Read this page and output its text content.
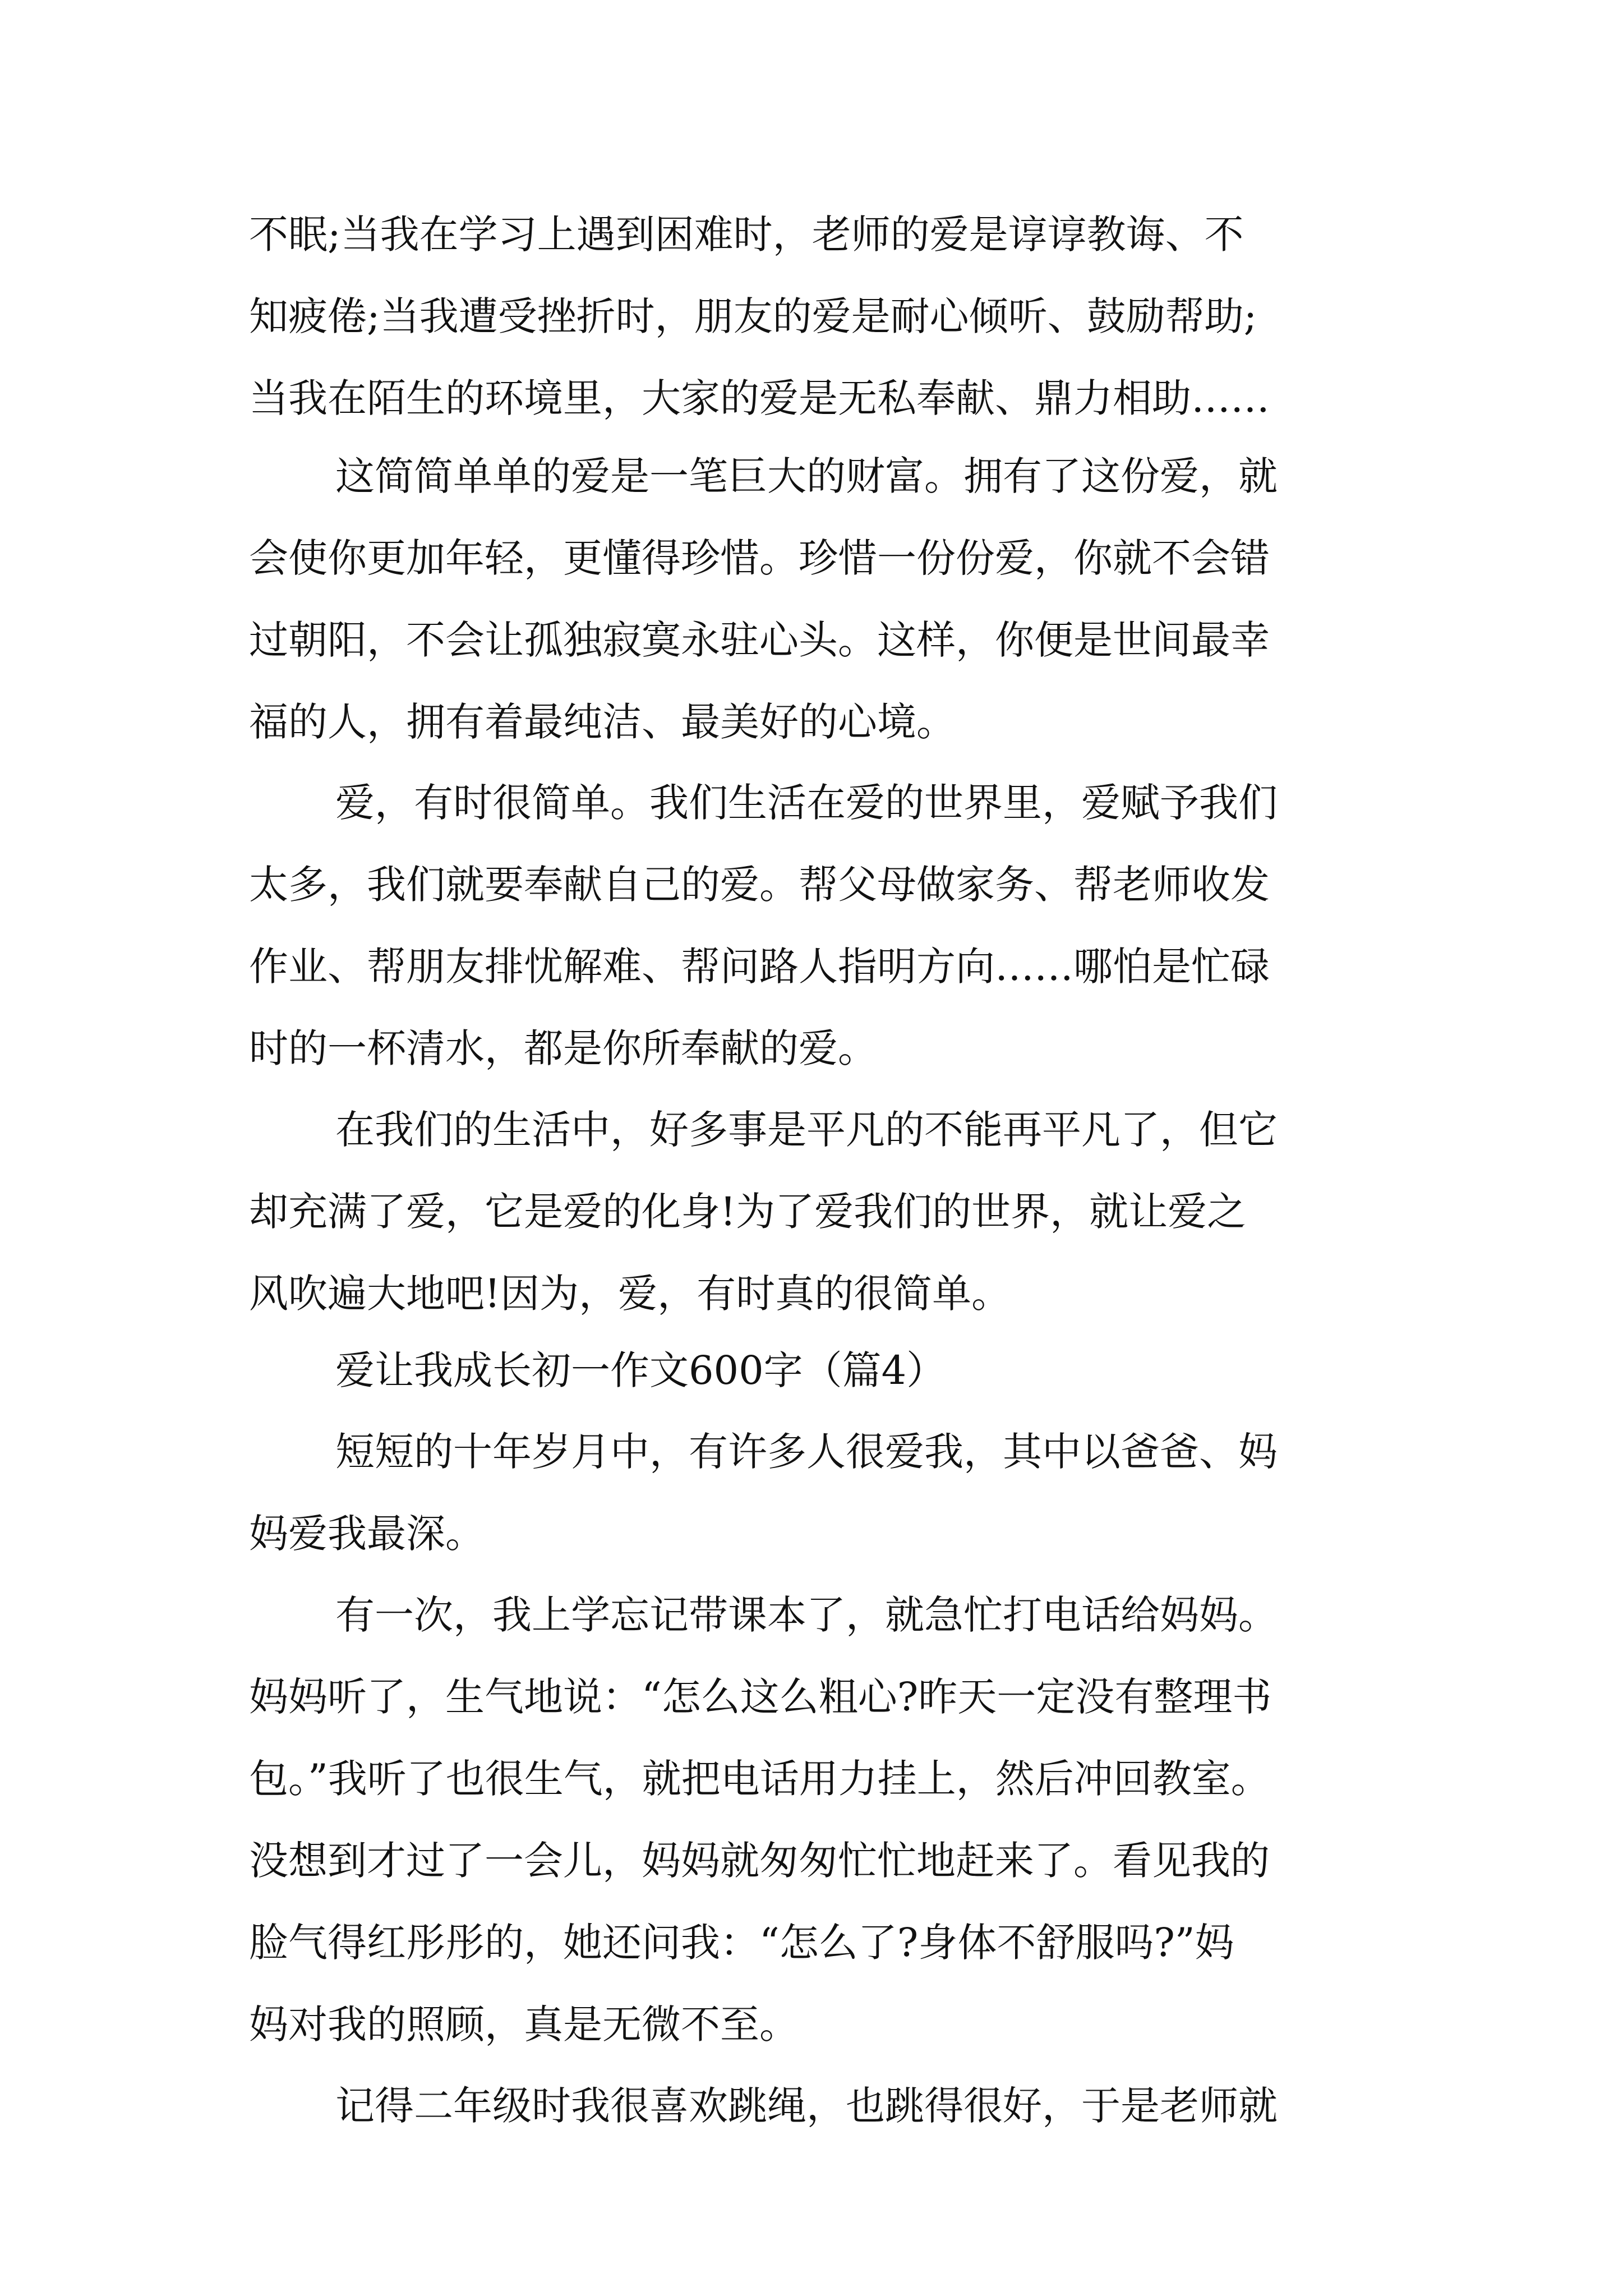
不眠;当我在学习上遇到困难时，老师的爱是谆谆教诲、不
知疲倦;当我遭受挫折时，朋友的爱是耐心倾听、鼓励帮助;
当我在陌生的环境里，大家的爱是无私奉献、鼎力相助……
这简简单单的爱是一笔巨大的财富。拥有了这份爱，就
会使你更加年轻，更懂得珍惜。珍惜一份份爱，你就不会错
过朝阳，不会让孤独寂寞永驻心头。这样，你便是世间最幸
福的人，拥有着最纯洁、最美好的心境。
爱，有时很简单。我们生活在爱的世界里，爱赋予我们
太多，我们就要奉献自己的爱。帮父母做家务、帮老师收发
作业、帮朋友排忧解难、帮问路人指明方向……哪怕是忙碌
时的一杯清水，都是你所奉献的爱。
在我们的生活中，好多事是平凡的不能再平凡了，但它
却充满了爱，它是爱的化身!为了爱我们的世界，就让爱之
风吹遍大地吧!因为，爱，有时真的很简单。
爱让我成长初一作文600字（篇4）
短短的十年岁月中，有许多人很爱我，其中以爸爸、妈
妈爱我最深。
有一次，我上学忘记带课本了，就急忙打电话给妈妈。
妈妈听了，生气地说：“怎么这么粗心?昨天一定没有整理书
包。”我听了也很生气，就把电话用力挂上，然后冲回教室。
没想到才过了一会儿，妈妈就匆匆忙忙地赶来了。看见我的
脸气得红彤彤的，她还问我：“怎么了?身体不舒服吗?”妈
妈对我的照顾，真是无微不至。
记得二年级时我很喜欢跳绳，也跳得很好，于是老师就
